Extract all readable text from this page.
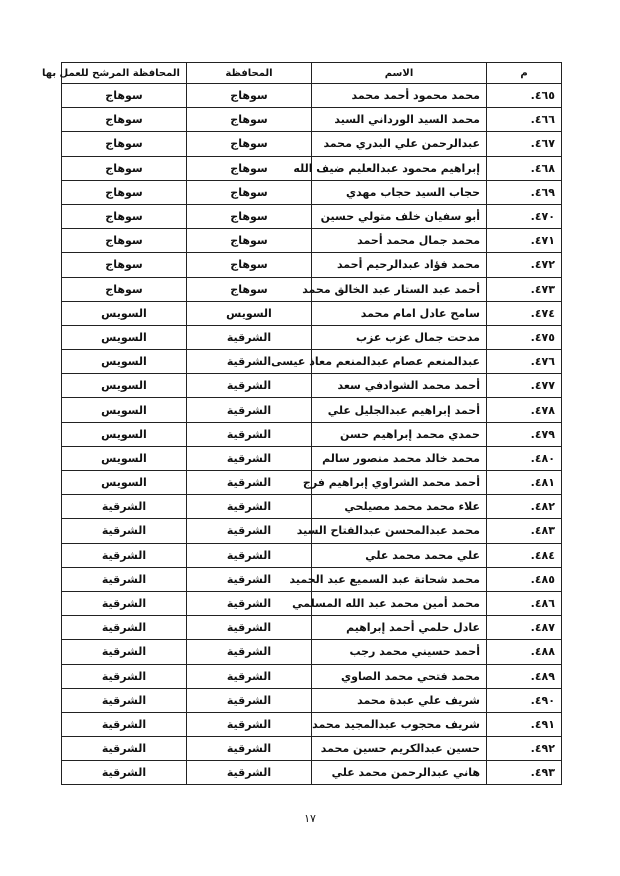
م	الاسم	المحافظة	المحافظة المرشح للعمل بها
٤٦٥.	محمد محمود أحمد محمد	سوهاج	سوهاج
٤٦٦.	محمد السيد الورداني السيد	سوهاج	سوهاج
٤٦٧.	عبدالرحمن علي البدري محمد	سوهاج	سوهاج
٤٦٨.	إبراهيم محمود عبدالعليم ضيف الله	سوهاج	سوهاج
٤٦٩.	حجاب السيد حجاب مهدي	سوهاج	سوهاج
٤٧٠.	أبو سفيان خلف متولي حسين	سوهاج	سوهاج
٤٧١.	محمد جمال محمد أحمد	سوهاج	سوهاج
٤٧٢.	محمد فؤاد عبدالرحيم أحمد	سوهاج	سوهاج
٤٧٣.	أحمد عبد الستار عبد الخالق محمد	سوهاج	سوهاج
٤٧٤.	سامح عادل امام محمد	السويس	السويس
٤٧٥.	مدحت جمال عزب عزب	الشرقية	السويس
٤٧٦.	عبدالمنعم عصام عبدالمنعم معاذ عيسى	الشرقية	السويس
٤٧٧.	أحمد محمد الشوادفي سعد	الشرقية	السويس
٤٧٨.	أحمد إبراهيم عبدالجليل علي	الشرقية	السويس
٤٧٩.	حمدي محمد إبراهيم حسن	الشرقية	السويس
٤٨٠.	محمد خالد محمد منصور سالم	الشرقية	السويس
٤٨١.	أحمد محمد الشراوي إبراهيم فرج	الشرقية	السويس
٤٨٢.	علاء محمد محمد مصيلحي	الشرقية	الشرقية
٤٨٣.	محمد عبدالمحسن عبدالفتاح السيد	الشرقية	الشرقية
٤٨٤.	علي محمد محمد علي	الشرقية	الشرقية
٤٨٥.	محمد شحاتة عبد السميع عبد الحميد	الشرقية	الشرقية
٤٨٦.	محمد أمين محمد عبد الله المسلمي	الشرقية	الشرقية
٤٨٧.	عادل حلمي أحمد إبراهيم	الشرقية	الشرقية
٤٨٨.	أحمد حسيني محمد رجب	الشرقية	الشرقية
٤٨٩.	محمد فتحي محمد الصاوي	الشرقية	الشرقية
٤٩٠.	شريف علي عبدة محمد	الشرقية	الشرقية
٤٩١.	شريف محجوب عبدالمجيد محمد	الشرقية	الشرقية
٤٩٢.	حسين عبدالكريم حسين محمد	الشرقية	الشرقية
٤٩٣.	هاني عبدالرحمن محمد علي	الشرقية	الشرقية
١٧
